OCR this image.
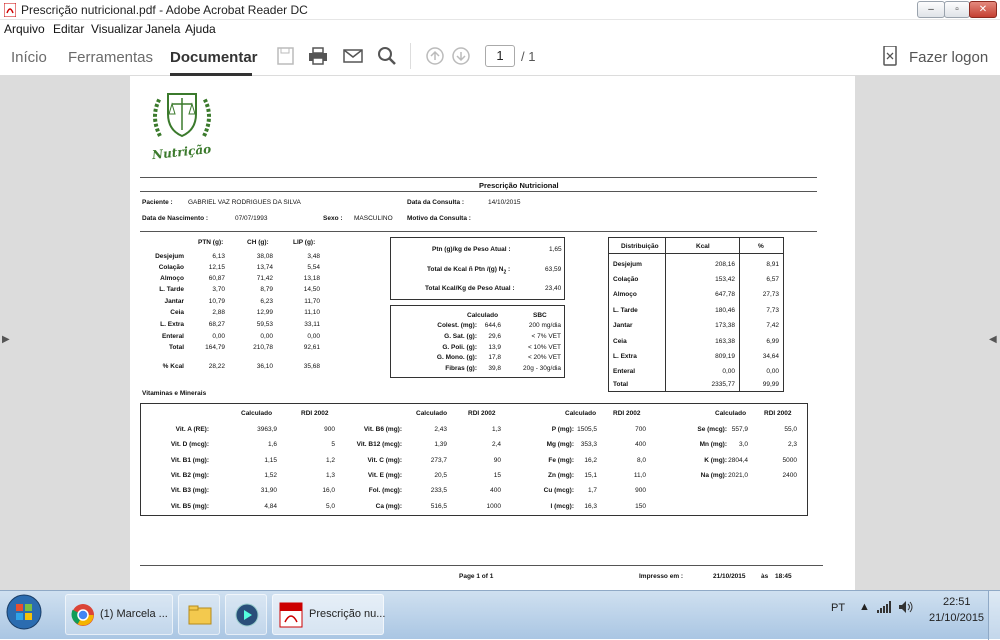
Prescrição nutricional.pdf - Adobe Acrobat Reader DC	–	▫	✕
Arquivo Editar Visualizar Janela Ajuda
Início Ferramentas Documentar	1	/ 1	Fazer logon
▶	◀
Nutrição
Prescrição Nutricional
Paciente : GABRIEL VAZ RODRIGUES DA SILVA	Data da Consulta :	14/10/2015
Data de Nascimento :	07/07/1993	Sexo : MASCULINO Motivo da Consulta :
PTN (g):	CH (g):	LIP (g):
Desjejum	6,13	38,08	3,48
Colação	12,15	13,74	5,54
Almoço	60,87	71,42	13,18
L. Tarde	3,70	8,79	14,50
Jantar	10,79	6,23	11,70
Ceia	2,88	12,99	11,10
L. Extra	68,27	59,53	33,11
Enteral	0,00	0,00	0,00
Total	164,79	210,78	92,61
% Kcal	28,22	36,10	35,68
Ptn (g)/kg de Peso Atual :	1,65
Total de Kcal ñ Ptn /(g) $N_2$ :	63,59
Total Kcal/Kg de Peso Atual :	23,40
Calculado	SBC
Colest. (mg):	644,6	200 mg/dia
G. Sat. (g):	29,6	< 7% VET
G. Poli. (g):	13,9	< 10% VET
G. Mono. (g):	17,8	< 20% VET
Fibras (g):	39,8	20g - 30g/dia
Distribuição	Kcal	%
Desjejum	208,16	8,91
Colação	153,42	6,57
Almoço	647,78	27,73
L. Tarde	180,46	7,73
Jantar	173,38	7,42
Ceia	163,38	6,99
L. Extra	809,19	34,64
Enteral	0,00	0,00
Total	2335,77	99,99
Vitaminas e Minerais
Calculado	RDI 2002
Vit. A (RE):	3963,9	900
Vit. D (mcg):	1,6	5
Vit. B1 (mg):	1,15	1,2
Vit. B2 (mg):	1,52	1,3
Vit. B3 (mg):	31,90	16,0
Vit. B5 (mg):	4,84	5,0
Calculado	RDI 2002
Vit. B6 (mg):	2,43	1,3
Vit. B12 (mcg):	1,39	2,4
Vit. C (mg):	273,7	90
Vit. E (mg):	20,5	15
Fol. (mcg):	233,5	400
Ca (mg):	516,5	1000
Calculado	RDI 2002
P (mg): 1505,5	700
Mg (mg):	353,3	400
Fe (mg):	16,2	8,0
Zn (mg):	15,1	11,0
Cu (mcg):	1,7	900
I (mcg):	16,3	150
Calculado	RDI 2002
Se (mcg): 557,9	55,0
Mn (mg):	3,0	2,3
K (mg): 2804,4	5000
Na (mg): 2021,0	2400
Page 1 of 1	Impresso em :	21/10/2015 às 18:45
(1) Marcela ...	Prescrição nu...	PT ▲	22:51
21/10/2015
